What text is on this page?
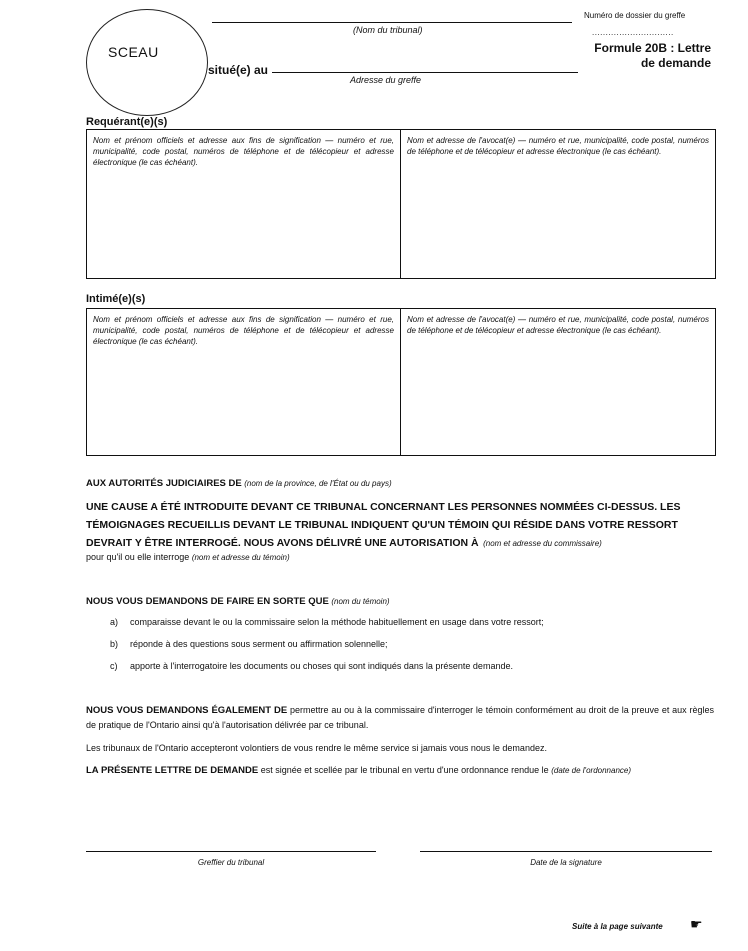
SCEAU
(Nom du tribunal)
situé(e) au
Adresse du greffe
Numéro de dossier du greffe
..............................
Formule 20B : Lettre
de demande
Requérant(e)(s)
Nom et prénom officiels et adresse aux fins de signification — numéro et rue, municipalité, code postal, numéros de téléphone et de télécopieur et adresse électronique (le cas échéant).
Nom et adresse de l'avocat(e) — numéro et rue, municipalité, code postal, numéros de téléphone et de télécopieur et adresse électronique (le cas échéant).
Intimé(e)(s)
Nom et prénom officiels et adresse aux fins de signification — numéro et rue, municipalité, code postal, numéros de téléphone et de télécopieur et adresse électronique (le cas échéant).
Nom et adresse de l'avocat(e) — numéro et rue, municipalité, code postal, numéros de téléphone et de télécopieur et adresse électronique (le cas échéant).
AUX AUTORITÉS JUDICIAIRES DE (nom de la province, de l'État ou du pays)
UNE CAUSE A ÉTÉ INTRODUITE DEVANT CE TRIBUNAL CONCERNANT LES PERSONNES NOMMÉES CI-DESSUS. LES TÉMOIGNAGES RECUEILLIS DEVANT LE TRIBUNAL INDIQUENT QU'UN TÉMOIN QUI RÉSIDE DANS VOTRE RESSORT DEVRAIT Y ÊTRE INTERROGÉ. NOUS AVONS DÉLIVRÉ UNE AUTORISATION À (nom et adresse du commissaire)
pour qu'il ou elle interroge (nom et adresse du témoin)
NOUS VOUS DEMANDONS DE FAIRE EN SORTE QUE (nom du témoin)
a) comparaisse devant le ou la commissaire selon la méthode habituellement en usage dans votre ressort;
b) réponde à des questions sous serment ou affirmation solennelle;
c) apporte à l'interrogatoire les documents ou choses qui sont indiqués dans la présente demande.
NOUS VOUS DEMANDONS ÉGALEMENT DE permettre au ou à la commissaire d'interroger le témoin conformément au droit de la preuve et aux règles de pratique de l'Ontario ainsi qu'à l'autorisation délivrée par ce tribunal.
Les tribunaux de l'Ontario accepteront volontiers de vous rendre le même service si jamais vous nous le demandez.
LA PRÉSENTE LETTRE DE DEMANDE est signée et scellée par le tribunal en vertu d'une ordonnance rendue le (date de l'ordonnance)
Greffier du tribunal	Date de la signature
Suite à la page suivante ☛
